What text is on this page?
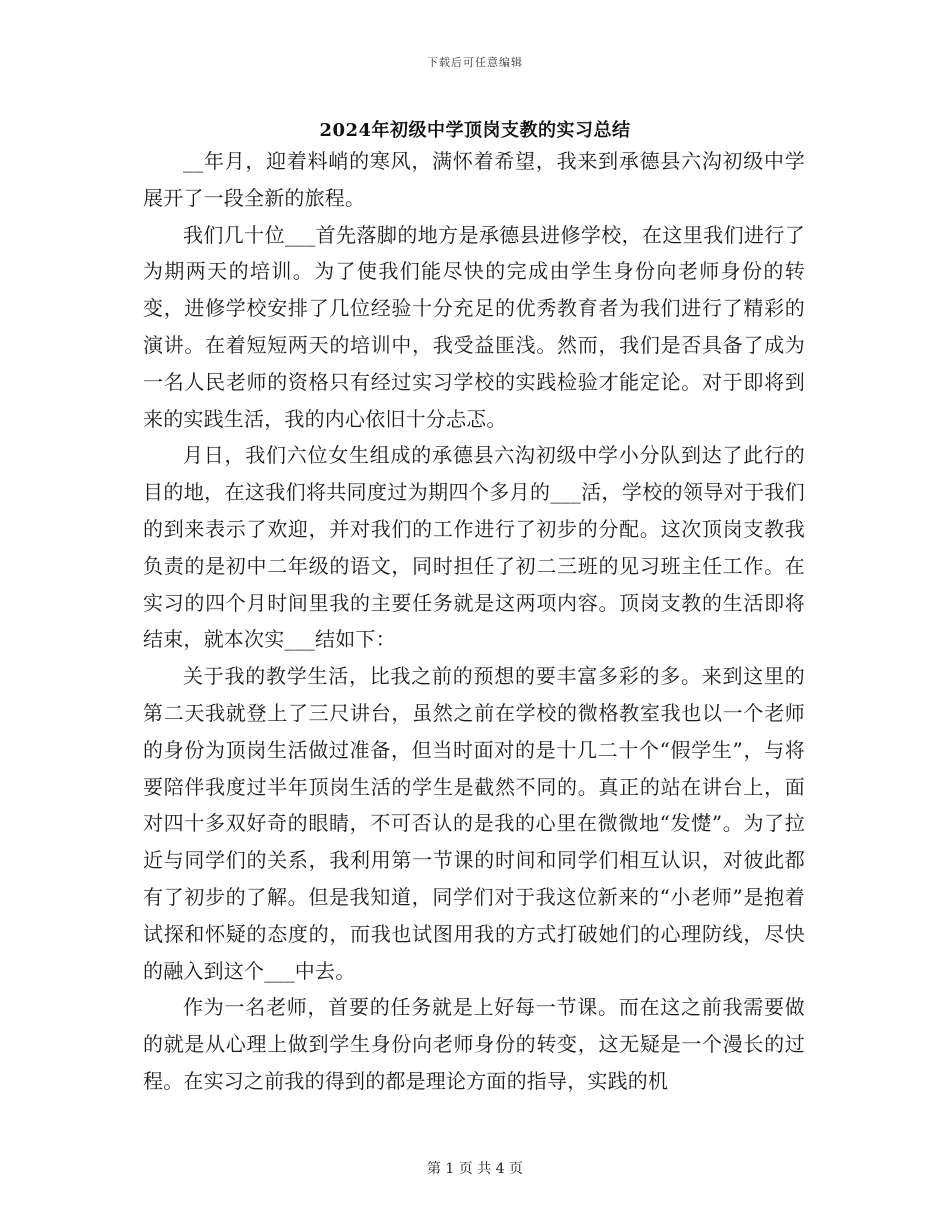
下载后可任意编辑
2024年初级中学顶岗支教的实习总结

__年月，迎着料峭的寒风，满怀着希望，我来到承德县六沟初级中学展开了一段全新的旅程。

我们几十位___首先落脚的地方是承德县进修学校，在这里我们进行了为期两天的培训。为了使我们能尽快的完成由学生身份向老师身份的转变，进修学校安排了几位经验十分充足的优秀教育者为我们进行了精彩的演讲。在着短短两天的培训中，我受益匪浅。然而，我们是否具备了成为一名人民老师的资格只有经过实习学校的实践检验才能定论。对于即将到来的实践生活，我的内心依旧十分忐忑。

月日，我们六位女生组成的承德县六沟初级中学小分队到达了此行的目的地，在这我们将共同度过为期四个多月的___活，学校的领导对于我们的到来表示了欢迎，并对我们的工作进行了初步的分配。这次顶岗支教我负责的是初中二年级的语文，同时担任了初二三班的见习班主任工作。在实习的四个月时间里我的主要任务就是这两项内容。顶岗支教的生活即将结束，就本次实___结如下：

关于我的教学生活，比我之前的预想的要丰富多彩的多。来到这里的第二天我就登上了三尺讲台，虽然之前在学校的微格教室我也以一个老师的身份为顶岗生活做过准备，但当时面对的是十几二十个“假学生”，与将要陪伴我度过半年顶岗生活的学生是截然不同的。真正的站在讲台上，面对四十多双好奇的眼睛，不可否认的是我的心里在微微地“发憷”。为了拉近与同学们的关系，我利用第一节课的时间和同学们相互认识，对彼此都有了初步的了解。但是我知道，同学们对于我这位新来的“小老师”是抱着试探和怀疑的态度的，而我也试图用我的方式打破她们的心理防线，尽快的融入到这个___中去。

作为一名老师，首要的任务就是上好每一节课。而在这之前我需要做的就是从心理上做到学生身份向老师身份的转变，这无疑是一个漫长的过程。在实习之前我的得到的都是理论方面的指导，实践的机

第 1 页 共 4 页
